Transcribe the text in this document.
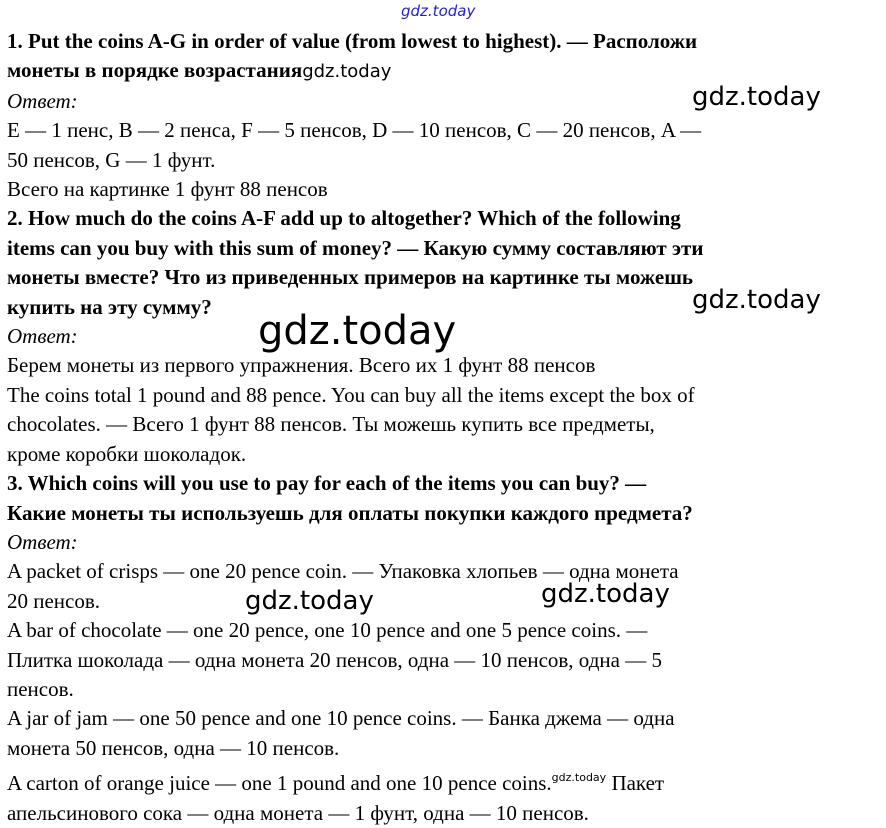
gdz.today

1. Put the coins A-G in order of value (from lowest to highest). — Расположи

монеты в порядке возрастанияgdz.today

Ответ:

E — 1 пенс, B — 2 пенса, F — 5 пенсов, D — 10 пенсов, C — 20 пенсов, A —

50 пенсов, G — 1 фунт.

Всего на картинке 1 фунт 88 пенсов

2. How much do the coins A-F add up to altogether? Which of the following

items can you buy with this sum of money? — Какую сумму составляют эти

монеты вместе? Что из приведенных примеров на картинке ты можешь

купить на эту сумму?

Ответ:

Берем монеты из первого упражнения. Всего их 1 фунт 88 пенсов

The coins total 1 pound and 88 pence. You can buy all the items except the box of

chocolates. — Всего 1 фунт 88 пенсов. Ты можешь купить все предметы,

кроме коробки шоколадок.

3. Which coins will you use to pay for each of the items you can buy? —

Какие монеты ты используешь для оплаты покупки каждого предмета?

Ответ:

A packet of crisps — one 20 pence coin. — Упаковка хлопьев — одна монета

20 пенсов.

A bar of chocolate — one 20 pence, one 10 pence and one 5 pence coins. —

Плитка шоколада — одна монета 20 пенсов, одна — 10 пенсов, одна — 5

пенсов.

A jar of jam — one 50 pence and one 10 pence coins. — Банка джема — одна

монета 50 пенсов, одна — 10 пенсов.

A carton of orange juice — one 1 pound and one 10 pence coins.$^{gdz.today}$ Пакет

апельсинового сока — одна монета — 1 фунт, одна — 10 пенсов.

gdz.today
gdz.today
gdz.today
gdz.today	gdz.today
